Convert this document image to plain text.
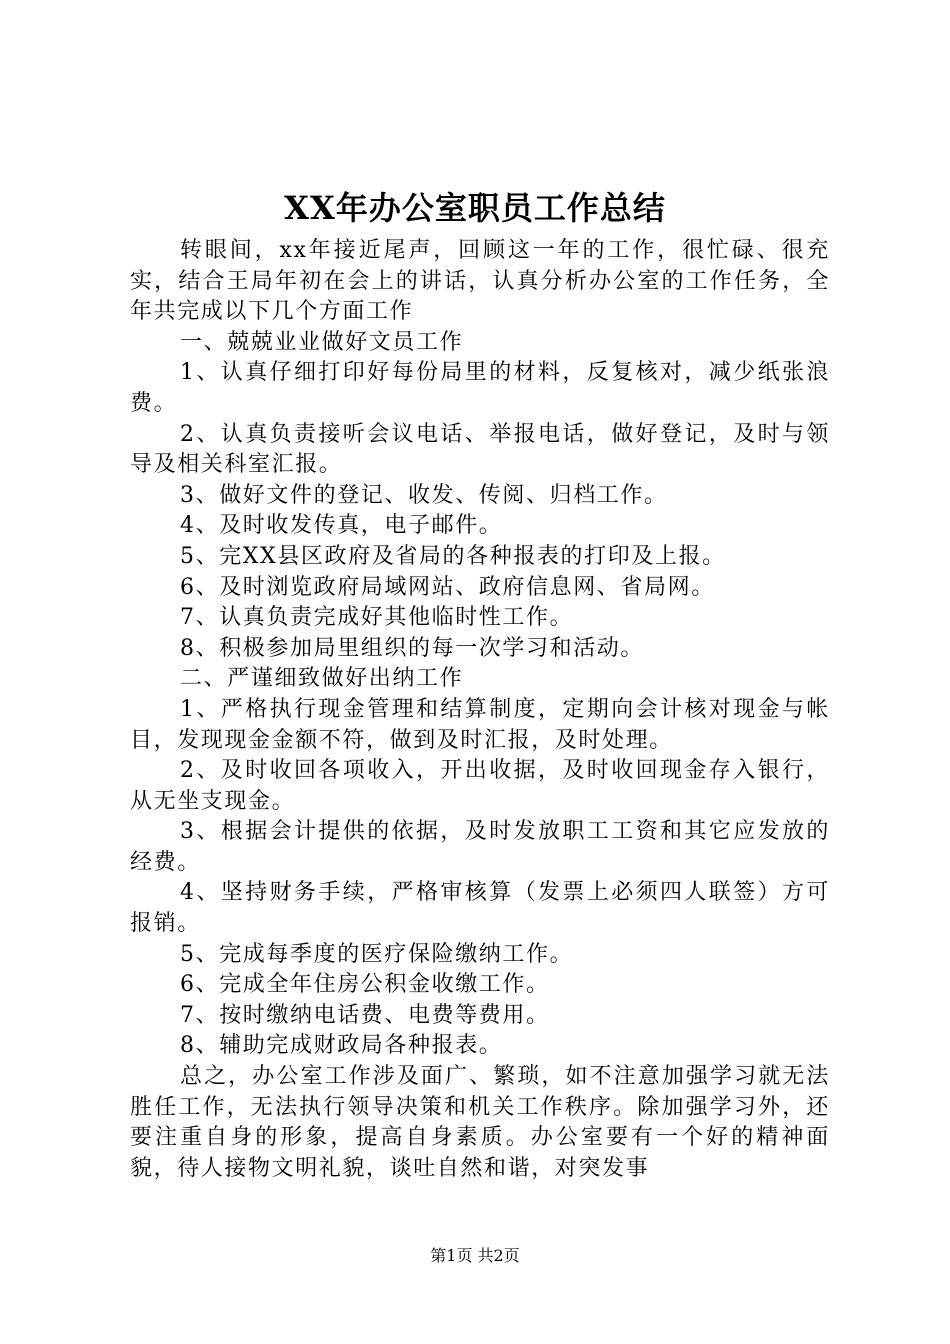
XX年办公室职员工作总结

转眼间，xx年接近尾声，回顾这一年的工作，很忙碌、很充实，结合王局年初在会上的讲话，认真分析办公室的工作任务，全年共完成以下几个方面工作

一、兢兢业业做好文员工作

1、认真仔细打印好每份局里的材料，反复核对，减少纸张浪费。

2、认真负责接听会议电话、举报电话，做好登记，及时与领导及相关科室汇报。

3、做好文件的登记、收发、传阅、归档工作。

4、及时收发传真，电子邮件。

5、完XX县区政府及省局的各种报表的打印及上报。

6、及时浏览政府局域网站、政府信息网、省局网。

7、认真负责完成好其他临时性工作。

8、积极参加局里组织的每一次学习和活动。

二、严谨细致做好出纳工作

1、严格执行现金管理和结算制度，定期向会计核对现金与帐目，发现现金金额不符，做到及时汇报，及时处理。

2、及时收回各项收入，开出收据，及时收回现金存入银行，从无坐支现金。

3、根据会计提供的依据，及时发放职工工资和其它应发放的经费。

4、坚持财务手续，严格审核算（发票上必须四人联签）方可报销。

5、完成每季度的医疗保险缴纳工作。

6、完成全年住房公积金收缴工作。

7、按时缴纳电话费、电费等费用。

8、辅助完成财政局各种报表。

总之，办公室工作涉及面广、繁琐，如不注意加强学习就无法胜任工作，无法执行领导决策和机关工作秩序。除加强学习外，还要注重自身的形象，提高自身素质。办公室要有一个好的精神面貌，待人接物文明礼貌，谈吐自然和谐，对突发事

第1页 共2页
